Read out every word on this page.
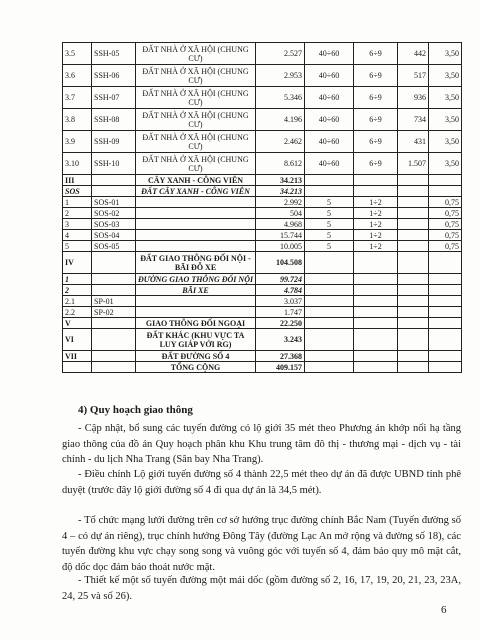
3.5	SSH-05	ĐẤT NHÀ Ở XÃ HỘI (CHUNG CƯ)	2.527	40÷60	6÷9	442	3,50
3.6	SSH-06	ĐẤT NHÀ Ở XÃ HỘI (CHUNG CƯ)	2.953	40÷60	6÷9	517	3,50
3.7	SSH-07	ĐẤT NHÀ Ở XÃ HỘI (CHUNG CƯ)	5.346	40÷60	6÷9	936	3,50
3.8	SSH-08	ĐẤT NHÀ Ở XÃ HỘI (CHUNG CƯ)	4.196	40÷60	6÷9	734	3,50
3.9	SSH-09	ĐẤT NHÀ Ở XÃ HỘI (CHUNG CƯ)	2.462	40÷60	6÷9	431	3,50
3.10	SSH-10	ĐẤT NHÀ Ở XÃ HỘI (CHUNG CƯ)	8.612	40÷60	6÷9	1.507	3,50
III		CÂY XANH - CÔNG VIÊN	34.213				
SOS		ĐẤT CÂY XANH - CÔNG VIÊN	34.213				
1	SOS-01		2.992	5	1÷2		0,75
2	SOS-02		504	5	1÷2		0,75
3	SOS-03		4.968	5	1÷2		0,75
4	SOS-04		15.744	5	1÷2		0,75
5	SOS-05		10.005	5	1÷2		0,75
IV		ĐẤT GIAO THÔNG ĐỐI NỘI - BÃI ĐỖ XE	104.508				
1		ĐƯỜNG GIAO THÔNG ĐỐI NỘI	99.724				
2		BÃI XE	4.784				
2.1	SP-01		3.037				
2.2	SP-02		1.747				
V		GIAO THÔNG ĐỐI NGOẠI	22.250				
VI		ĐẤT KHÁC (KHU VỰC TA LUY GIÁP VỚI RG)	3.243				
VII		ĐẤT ĐƯỜNG SỐ 4	27.368				
		TỔNG CỘNG	409.157				
4) Quy hoạch giao thông
- Cập nhật, bổ sung các tuyến đường có lộ giới 35 mét theo Phương án khớp nối hạ tầng giao thông của đồ án Quy hoạch phân khu Khu trung tâm đô thị - thương mại - dịch vụ - tài chính - du lịch Nha Trang (Sân bay Nha Trang).
- Điều chỉnh Lộ giới tuyến đường số 4 thành 22,5 mét theo dự án đã được UBND tỉnh phê duyệt (trước đây lộ giới đường số 4 đi qua dự án là 34,5 mét).
- Tổ chức mạng lưới đường trên cơ sở hướng trục đường chính Bắc Nam (Tuyến đường số 4 – có dự án riêng), trục chính hướng Đông Tây (đường Lạc An mở rộng và đường số 18), các tuyến đường khu vực chạy song song và vuông góc với tuyến số 4, đảm bảo quy mô mặt cắt, độ dốc dọc đảm bảo thoát nước mặt.
- Thiết kế một số tuyến đường một mái dốc (gồm đường số 2, 16, 17, 19, 20, 21, 23, 23A, 24, 25 và số 26).
6
